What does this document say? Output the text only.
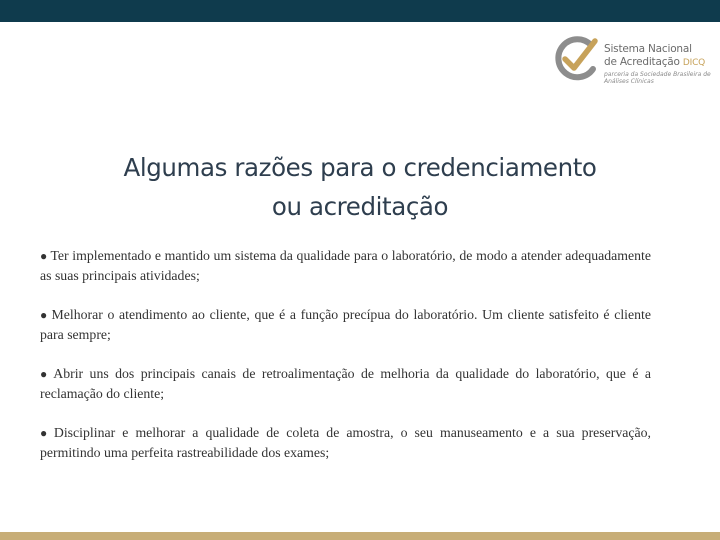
Sistema Nacional
de Acreditação DICQ
parceria da Sociedade Brasileira de Análises Clínicas
Algumas razões para o credenciamento
ou acreditação
● Ter implementado e mantido um sistema da qualidade para o laboratório, de modo a atender adequadamente as suas principais atividades;
● Melhorar o atendimento ao cliente, que é a função precípua do laboratório. Um cliente satisfeito é cliente para sempre;
● Abrir uns dos principais canais de retroalimentação de melhoria da qualidade do laboratório, que é a reclamação do cliente;
● Disciplinar e melhorar a qualidade de coleta de amostra, o seu manuseamento e a sua preservação, permitindo uma perfeita rastreabilidade dos exames;
